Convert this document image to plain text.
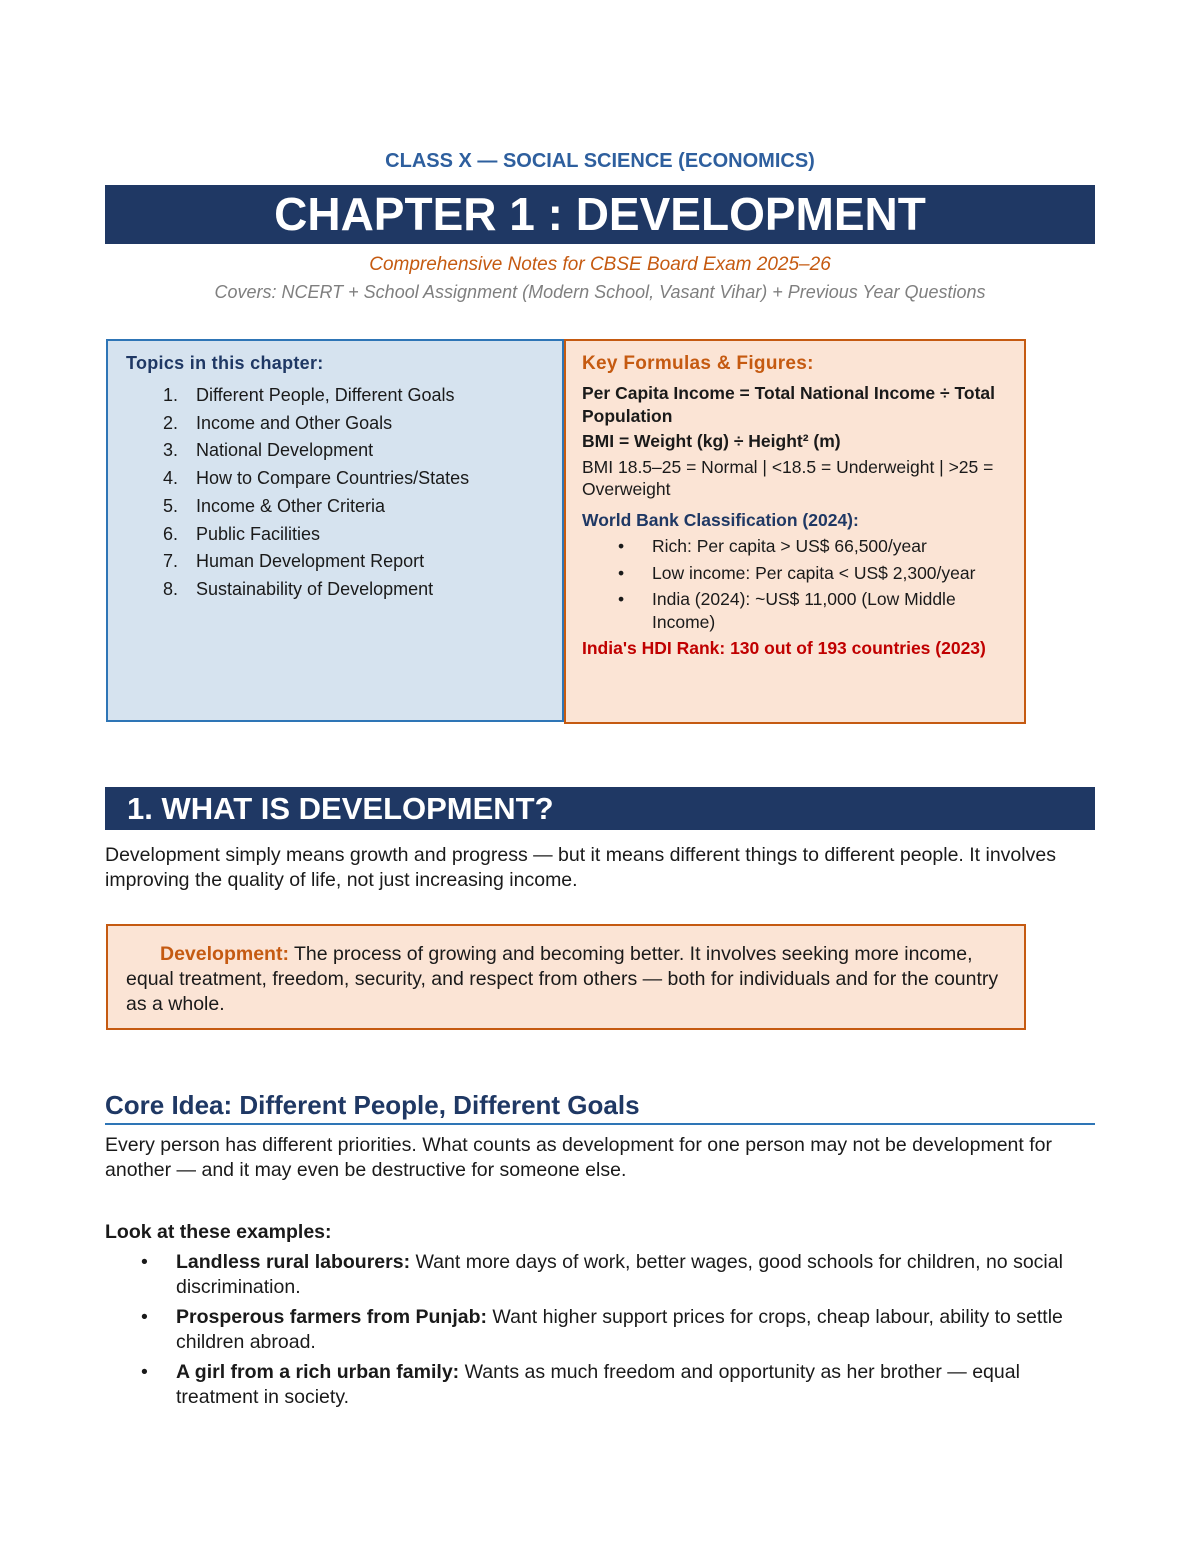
CLASS X — SOCIAL SCIENCE (ECONOMICS)
CHAPTER 1 : DEVELOPMENT
Comprehensive Notes for CBSE Board Exam 2025–26
Covers: NCERT + School Assignment (Modern School, Vasant Vihar) + Previous Year Questions
Topics in this chapter:
1.	Different People, Different Goals
2.	Income and Other Goals
3.	National Development
4.	How to Compare Countries/States
5.	Income & Other Criteria
6.	Public Facilities
7.	Human Development Report
8.	Sustainability of Development
Key Formulas & Figures:
Per Capita Income = Total National Income ÷ Total Population
BMI = Weight (kg) ÷ Height² (m)
BMI 18.5–25 = Normal | <18.5 = Underweight | >25 = Overweight
World Bank Classification (2024):
•	Rich: Per capita > US$ 66,500/year
•	Low income: Per capita < US$ 2,300/year
•	India (2024): ~US$ 11,000 (Low Middle Income)
India's HDI Rank: 130 out of 193 countries (2023)
1. WHAT IS DEVELOPMENT?
Development simply means growth and progress — but it means different things to different people. It involves improving the quality of life, not just increasing income.
Development: The process of growing and becoming better. It involves seeking more income, equal treatment, freedom, security, and respect from others — both for individuals and for the country as a whole.
Core Idea: Different People, Different Goals
Every person has different priorities. What counts as development for one person may not be development for another — and it may even be destructive for someone else.
Look at these examples:
•	Landless rural labourers: Want more days of work, better wages, good schools for children, no social discrimination.
•	Prosperous farmers from Punjab: Want higher support prices for crops, cheap labour, ability to settle children abroad.
•	A girl from a rich urban family: Wants as much freedom and opportunity as her brother — equal treatment in society.
